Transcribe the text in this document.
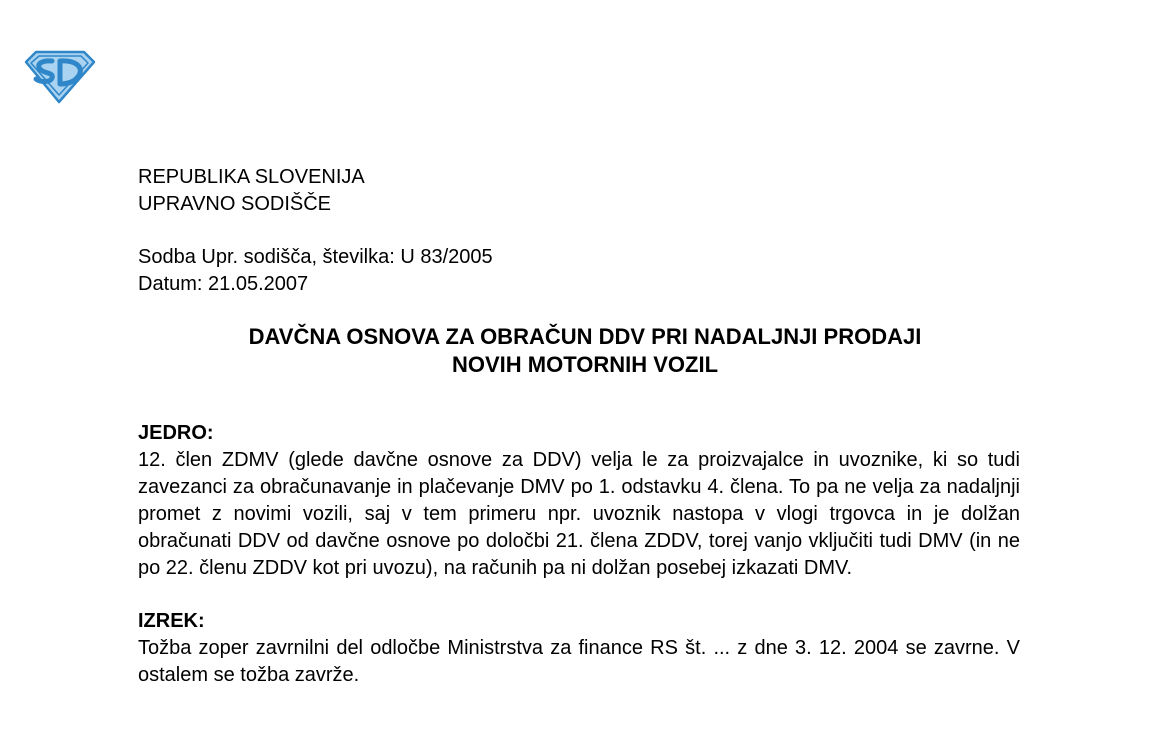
REPUBLIKA SLOVENIJA
UPRAVNO SODIŠČE
Sodba Upr. sodišča, številka: U 83/2005
Datum: 21.05.2007
DAVČNA OSNOVA ZA OBRAČUN DDV PRI NADALJNJI PRODAJI
NOVIH MOTORNIH VOZIL
JEDRO:

12. člen ZDMV (glede davčne osnove za DDV) velja le za proizvajalce in uvoznike, ki so tudi zavezanci za obračunavanje in plačevanje DMV po 1. odstavku 4. člena. To pa ne velja za nadaljnji promet z novimi vozili, saj v tem primeru npr. uvoznik nastopa v vlogi trgovca in je dolžan obračunati DDV od davčne osnove po določbi 21. člena ZDDV, torej vanjo vključiti tudi DMV (in ne po 22. členu ZDDV kot pri uvozu), na računih pa ni dolžan posebej izkazati DMV.

IZREK:

Tožba zoper zavrnilni del odločbe Ministrstva za finance RS št. ... z dne 3. 12. 2004 se zavrne. V ostalem se tožba zavrže.
